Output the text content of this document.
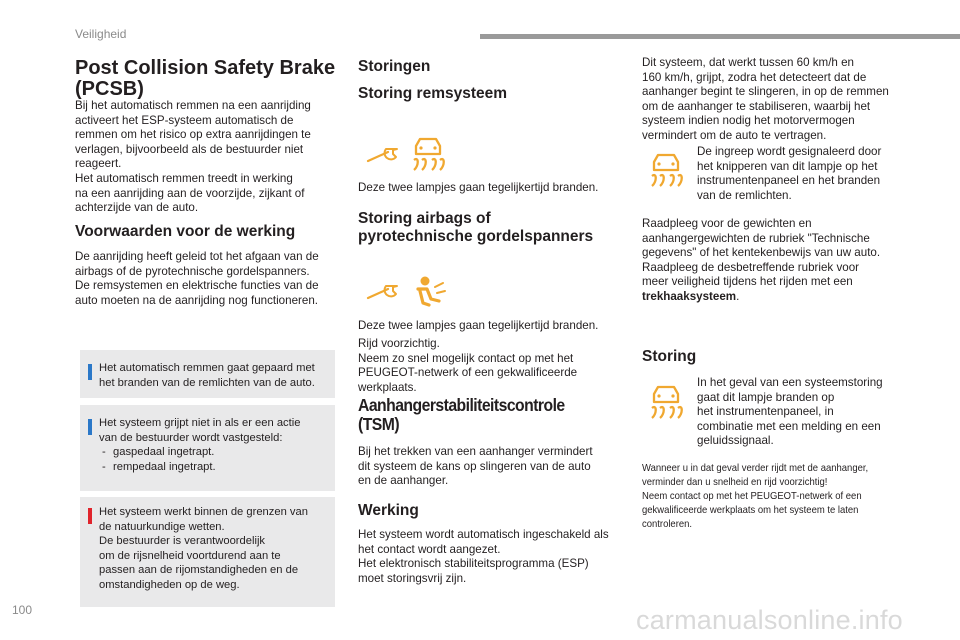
Veiligheid
100	carmanualsonline.info
Post Collision Safety Brake
(PCSB)

Bij het automatisch remmen na een aanrijding

activeert het ESP-systeem automatisch de

remmen om het risico op extra aanrijdingen te

verlagen, bijvoorbeeld als de bestuurder niet

reageert.

Het automatisch remmen treedt in werking

na een aanrijding aan de voorzijde, zijkant of

achterzijde van de auto.

Voorwaarden voor de werking

De aanrijding heeft geleid tot het afgaan van de

airbags of de pyrotechnische gordelspanners.

De remsystemen en elektrische functies van de

auto moeten na de aanrijding nog functioneren.

Het automatisch remmen gaat gepaard met
het branden van de remlichten van de auto.
Het systeem grijpt niet in als er een actie
van de bestuurder wordt vastgesteld:
- gaspedaal ingetrapt.
- rempedaal ingetrapt.
Het systeem werkt binnen de grenzen van
de natuurkundige wetten.
De bestuurder is verantwoordelijk
om de rijsnelheid voortdurend aan te
passen aan de rijomstandigheden en de
omstandigheden op de weg.
Storingen
Storing remsysteem

Deze twee lampjes gaan tegelijkertijd branden.

Storing airbags of
pyrotechnische gordelspanners

Deze twee lampjes gaan tegelijkertijd branden.

Rijd voorzichtig.

Neem zo snel mogelijk contact op met het

PEUGEOT-netwerk of een gekwalificeerde

werkplaats.

Aanhangerstabiliteitscontrole
(TSM)

Bij het trekken van een aanhanger vermindert

dit systeem de kans op slingeren van de auto

en de aanhanger.

Werking

Het systeem wordt automatisch ingeschakeld als

het contact wordt aangezet.

Het elektronisch stabiliteitsprogramma (ESP)

moet storingsvrij zijn.

Dit systeem, dat werkt tussen 60 km/h en

160 km/h, grijpt, zodra het detecteert dat de

aanhanger begint te slingeren, in op de remmen

om de aanhanger te stabiliseren, waarbij het

systeem indien nodig het motorvermogen

vermindert om de auto te vertragen.

De ingreep wordt gesignaleerd door

het knipperen van dit lampje op het

instrumentenpaneel en het branden

van de remlichten.

Raadpleeg voor de gewichten en

aanhangergewichten de rubriek "Technische

gegevens" of het kentekenbewijs van uw auto.

Raadpleeg de desbetreffende rubriek voor

meer veiligheid tijdens het rijden met een

trekhaaksysteem.

Storing

In het geval van een systeemstoring

gaat dit lampje branden op

het instrumentenpaneel, in

combinatie met een melding en een

geluidssignaal.

Wanneer u in dat geval verder rijdt met de aanhanger,

verminder dan u snelheid en rijd voorzichtig!

Neem contact op met het PEUGEOT-netwerk of een

gekwalificeerde werkplaats om het systeem te laten

controleren.
